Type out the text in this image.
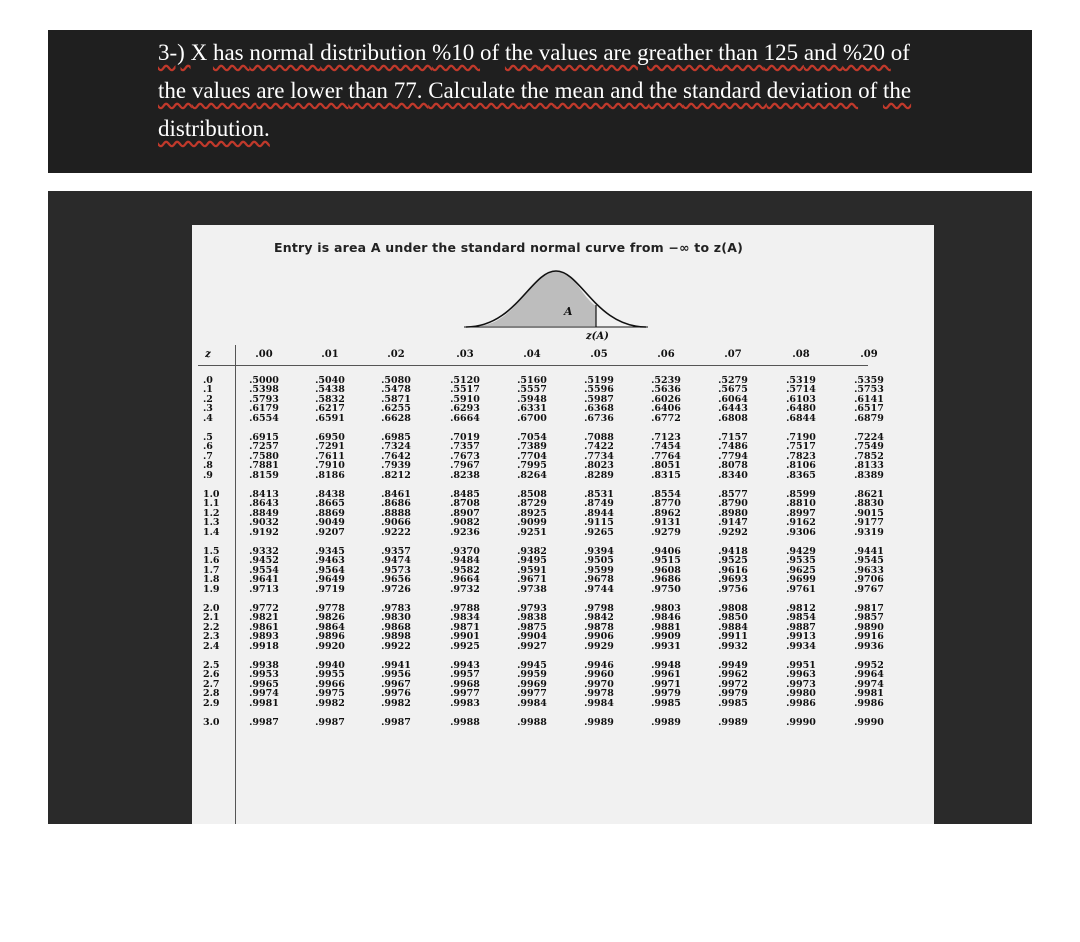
3-) X has normal distribution %10 of the values are greather than 125 and %20 of the values are lower than 77. Calculate the mean and the standard deviation of the distribution.

Entry is area A under the standard normal curve from −∞ to z(A)
A
z(A)
z	.00	.01	.02	.03	.04	.05	.06	.07	.08	.09
.0	.5000	.5040	.5080	.5120	.5160	.5199	.5239	.5279	.5319	.5359
.1	.5398	.5438	.5478	.5517	.5557	.5596	.5636	.5675	.5714	.5753
.2	.5793	.5832	.5871	.5910	.5948	.5987	.6026	.6064	.6103	.6141
.3	.6179	.6217	.6255	.6293	.6331	.6368	.6406	.6443	.6480	.6517
.4	.6554	.6591	.6628	.6664	.6700	.6736	.6772	.6808	.6844	.6879
.5	.6915	.6950	.6985	.7019	.7054	.7088	.7123	.7157	.7190	.7224
.6	.7257	.7291	.7324	.7357	.7389	.7422	.7454	.7486	.7517	.7549
.7	.7580	.7611	.7642	.7673	.7704	.7734	.7764	.7794	.7823	.7852
.8	.7881	.7910	.7939	.7967	.7995	.8023	.8051	.8078	.8106	.8133
.9	.8159	.8186	.8212	.8238	.8264	.8289	.8315	.8340	.8365	.8389
1.0	.8413	.8438	.8461	.8485	.8508	.8531	.8554	.8577	.8599	.8621
1.1	.8643	.8665	.8686	.8708	.8729	.8749	.8770	.8790	.8810	.8830
1.2	.8849	.8869	.8888	.8907	.8925	.8944	.8962	.8980	.8997	.9015
1.3	.9032	.9049	.9066	.9082	.9099	.9115	.9131	.9147	.9162	.9177
1.4	.9192	.9207	.9222	.9236	.9251	.9265	.9279	.9292	.9306	.9319
1.5	.9332	.9345	.9357	.9370	.9382	.9394	.9406	.9418	.9429	.9441
1.6	.9452	.9463	.9474	.9484	.9495	.9505	.9515	.9525	.9535	.9545
1.7	.9554	.9564	.9573	.9582	.9591	.9599	.9608	.9616	.9625	.9633
1.8	.9641	.9649	.9656	.9664	.9671	.9678	.9686	.9693	.9699	.9706
1.9	.9713	.9719	.9726	.9732	.9738	.9744	.9750	.9756	.9761	.9767
2.0	.9772	.9778	.9783	.9788	.9793	.9798	.9803	.9808	.9812	.9817
2.1	.9821	.9826	.9830	.9834	.9838	.9842	.9846	.9850	.9854	.9857
2.2	.9861	.9864	.9868	.9871	.9875	.9878	.9881	.9884	.9887	.9890
2.3	.9893	.9896	.9898	.9901	.9904	.9906	.9909	.9911	.9913	.9916
2.4	.9918	.9920	.9922	.9925	.9927	.9929	.9931	.9932	.9934	.9936
2.5	.9938	.9940	.9941	.9943	.9945	.9946	.9948	.9949	.9951	.9952
2.6	.9953	.9955	.9956	.9957	.9959	.9960	.9961	.9962	.9963	.9964
2.7	.9965	.9966	.9967	.9968	.9969	.9970	.9971	.9972	.9973	.9974
2.8	.9974	.9975	.9976	.9977	.9977	.9978	.9979	.9979	.9980	.9981
2.9	.9981	.9982	.9982	.9983	.9984	.9984	.9985	.9985	.9986	.9986
3.0	.9987	.9987	.9987	.9988	.9988	.9989	.9989	.9989	.9990	.9990
